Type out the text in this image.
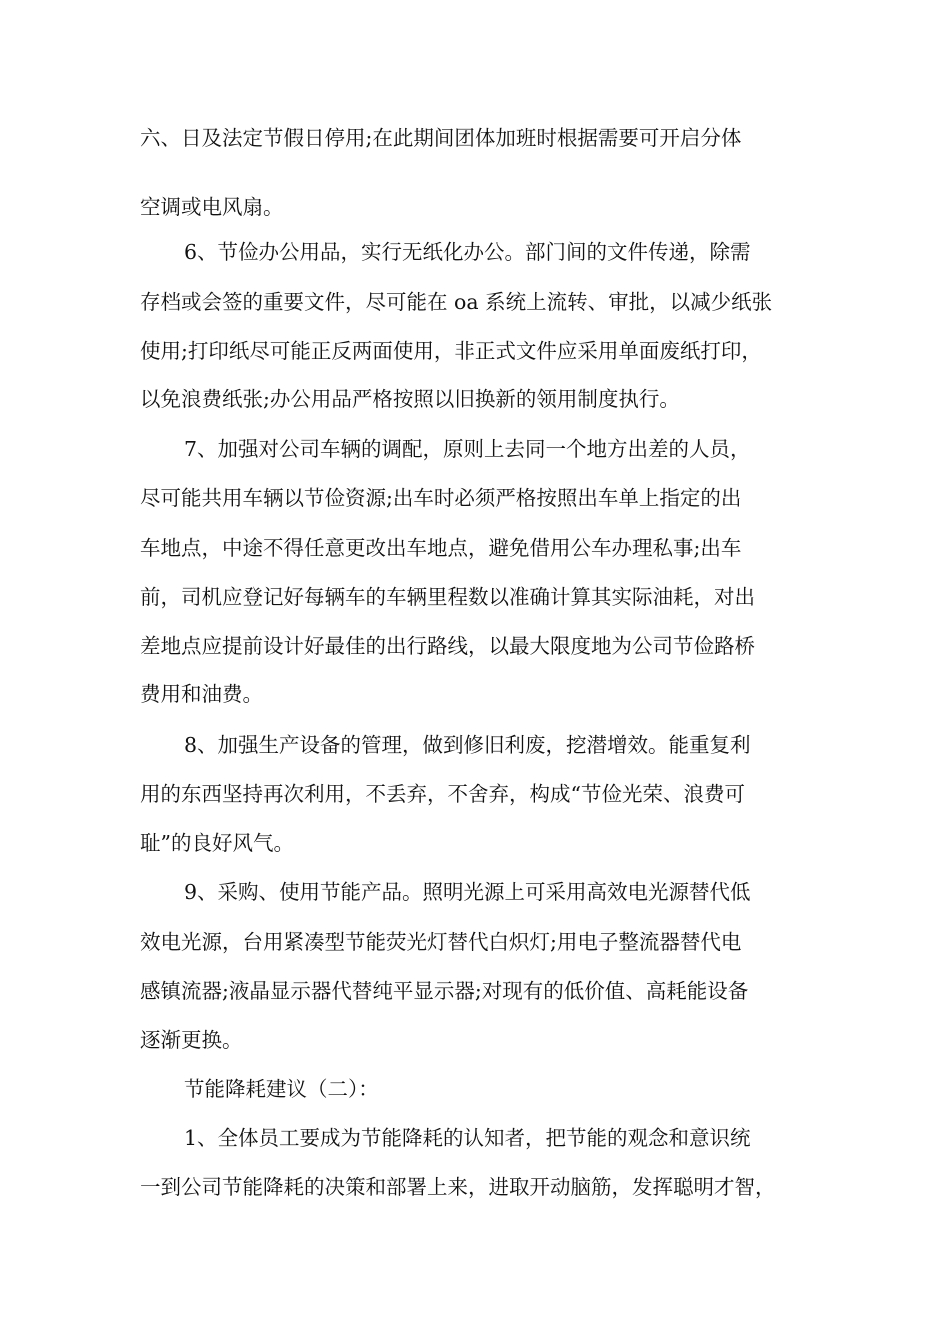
六、日及法定节假日停用;在此期间团体加班时根据需要可开启分体
空调或电风扇。
6、节俭办公用品，实行无纸化办公。部门间的文件传递，除需
存档或会签的重要文件，尽可能在 oa 系统上流转、审批，以减少纸张
使用;打印纸尽可能正反两面使用，非正式文件应采用单面废纸打印，
以免浪费纸张;办公用品严格按照以旧换新的领用制度执行。
7、加强对公司车辆的调配，原则上去同一个地方出差的人员，
尽可能共用车辆以节俭资源;出车时必须严格按照出车单上指定的出
车地点，中途不得任意更改出车地点，避免借用公车办理私事;出车
前，司机应登记好每辆车的车辆里程数以准确计算其实际油耗，对出
差地点应提前设计好最佳的出行路线，以最大限度地为公司节俭路桥
费用和油费。
8、加强生产设备的管理，做到修旧利废，挖潜增效。能重复利
用的东西坚持再次利用，不丢弃，不舍弃，构成“节俭光荣、浪费可
耻”的良好风气。
9、采购、使用节能产品。照明光源上可采用高效电光源替代低
效电光源，台用紧凑型节能荧光灯替代白炽灯;用电子整流器替代电
感镇流器;液晶显示器代替纯平显示器;对现有的低价值、高耗能设备
逐渐更换。
节能降耗建议（二）：
1、全体员工要成为节能降耗的认知者，把节能的观念和意识统
一到公司节能降耗的决策和部署上来，进取开动脑筋，发挥聪明才智，
